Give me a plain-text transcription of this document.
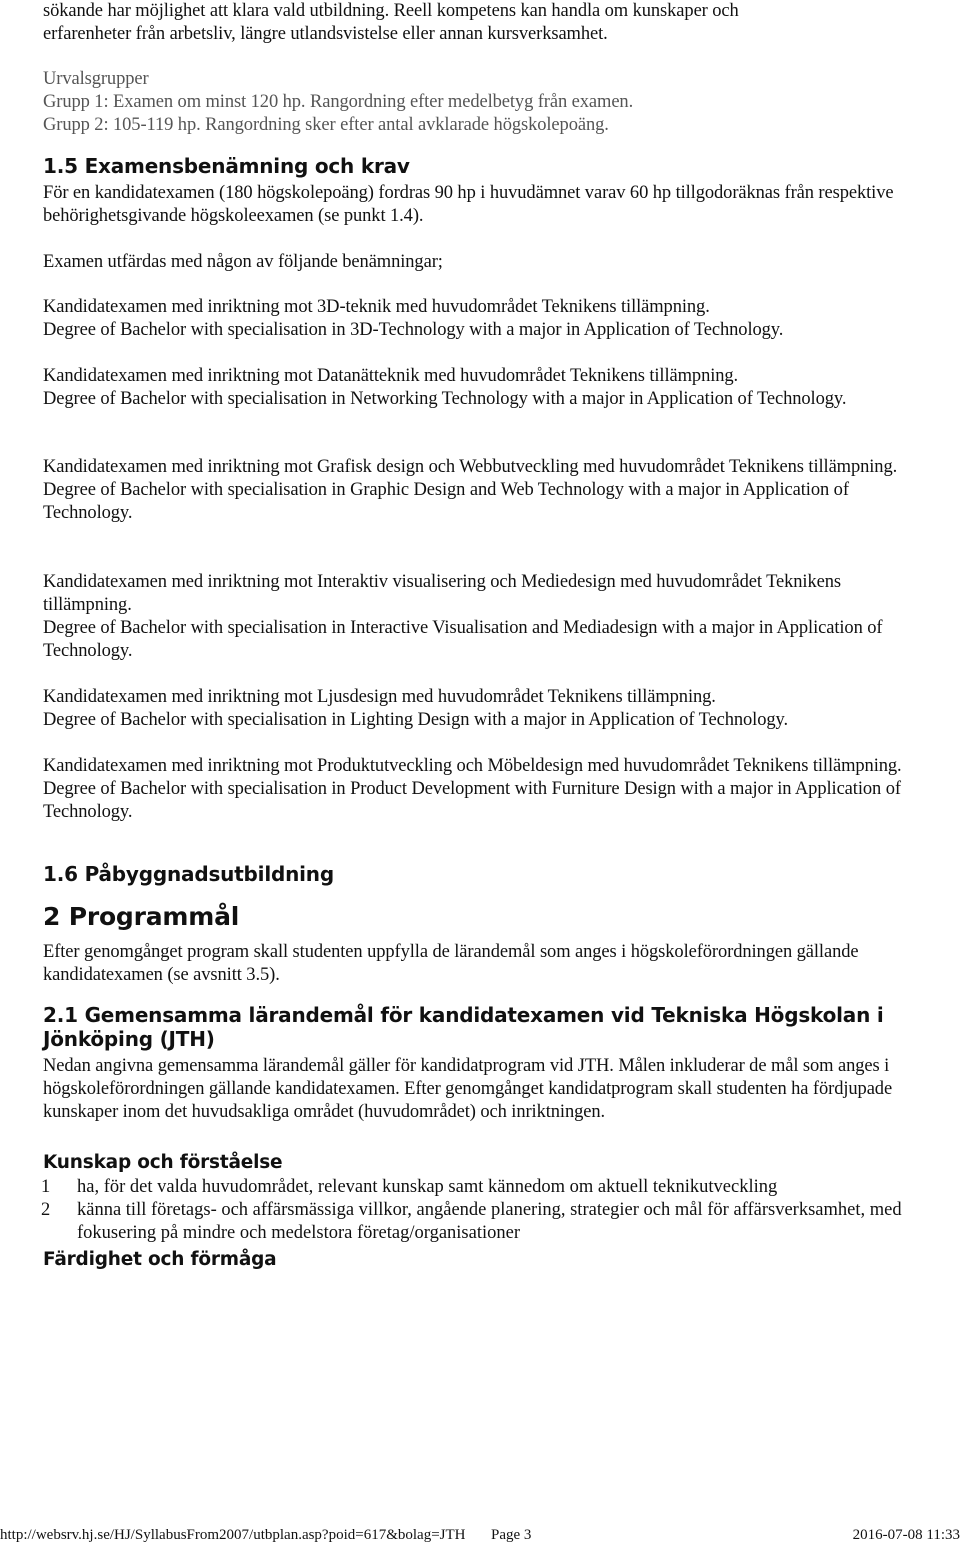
sökande har möjlighet att klara vald utbildning. Reell kompetens kan handla om kunskaper och

erfarenheter från arbetsliv, längre utlandsvistelse eller annan kursverksamhet.

Urvalsgrupper

Grupp 1: Examen om minst 120 hp. Rangordning efter medelbetyg från examen.

Grupp 2: 105-119 hp. Rangordning sker efter antal avklarade högskolepoäng.

1.5 Examensbenämning och krav

För en kandidatexamen (180 högskolepoäng) fordras 90 hp i huvudämnet varav 60 hp tillgodoräknas från respektive behörighetsgivande högskoleexamen (se punkt 1.4).

Examen utfärdas med någon av följande benämningar;

Kandidatexamen med inriktning mot 3D-teknik med huvudområdet Teknikens tillämpning.

Degree of Bachelor with specialisation in 3D-Technology with a major in Application of Technology.

Kandidatexamen med inriktning mot Datanätteknik med huvudområdet Teknikens tillämpning.

Degree of Bachelor with specialisation in Networking Technology with a major in Application of Technology.

Kandidatexamen med inriktning mot Grafisk design och Webbutveckling med huvudområdet Teknikens tillämpning.

Degree of Bachelor with specialisation in Graphic Design and Web Technology with a major in Application of Technology.

Kandidatexamen med inriktning mot Interaktiv visualisering och Mediedesign med huvudområdet Teknikens tillämpning.

Degree of Bachelor with specialisation in Interactive Visualisation and Mediadesign with a major in Application of Technology.

Kandidatexamen med inriktning mot Ljusdesign med huvudområdet Teknikens tillämpning.

Degree of Bachelor with specialisation in Lighting Design with a major in Application of Technology.

Kandidatexamen med inriktning mot Produktutveckling och Möbeldesign med huvudområdet Teknikens tillämpning.

Degree of Bachelor with specialisation in Product Development with Furniture Design with a major in Application of Technology.

1.6 Påbyggnadsutbildning
2 Programmål

Efter genomgånget program skall studenten uppfylla de lärandemål som anges i högskoleförordningen gällande kandidatexamen (se avsnitt 3.5).

2.1 Gemensamma lärandemål för kandidatexamen vid Tekniska Högskolan i Jönköping (JTH)

Nedan angivna gemensamma lärandemål gäller för kandidatprogram vid JTH. Målen inkluderar de mål som anges i högskoleförordningen gällande kandidatexamen. Efter genomgånget kandidatprogram skall studenten ha fördjupade kunskaper inom det huvudsakliga området (huvudområdet) och inriktningen.

Kunskap och förståelse
1 ha, för det valda huvudområdet, relevant kunskap samt kännedom om aktuell teknikutveckling
2 känna till företags- och affärsmässiga villkor, angående planering, strategier och mål för affärsverksamhet, med fokusering på mindre och medelstora företag/organisationer
Färdighet och förmåga
http://websrv.hj.se/HJ/SyllabusFrom2007/utbplan.asp?poid=617&bolag=JTH Page 3	2016-07-08 11:33
